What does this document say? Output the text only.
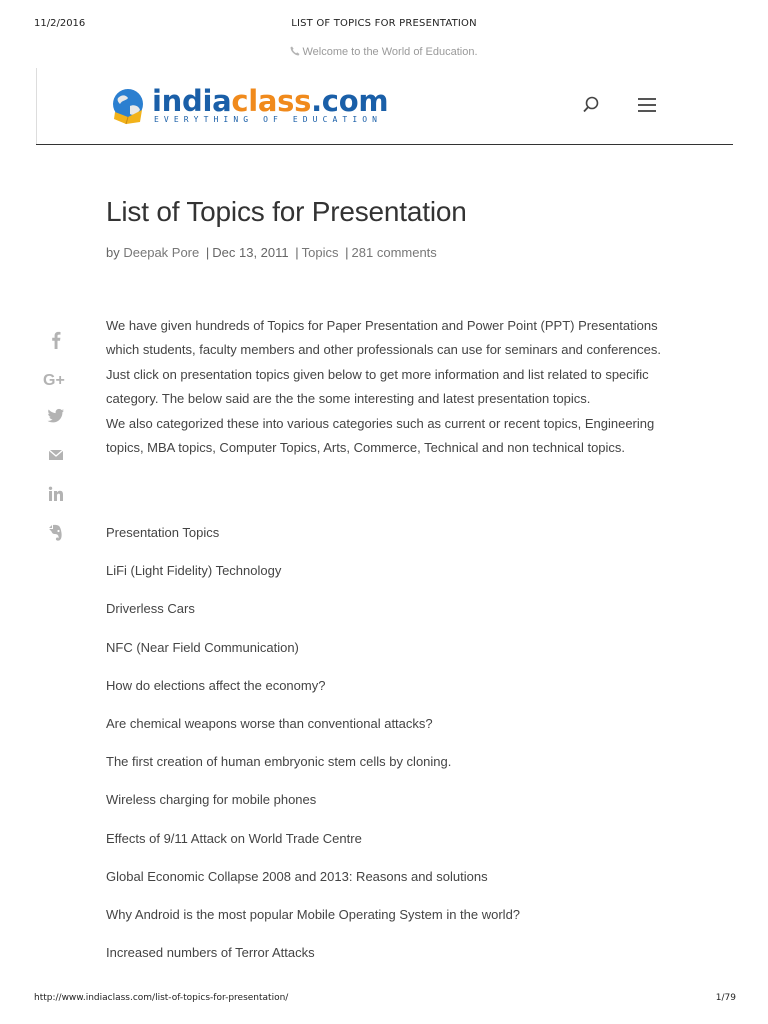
11/2/2016	LIST OF TOPICS FOR PRESENTATION
Welcome to the World of Education.
indiaclass.com
EVERYTHING OF EDUCATION
List of Topics for Presentation
by Deepak Pore | Dec 13, 2011 | Topics | 281 comments
G+

We have given hundreds of Topics for Paper Presentation and Power Point (PPT) Presentations which students, faculty members and other professionals can use for seminars and conferences. Just click on presentation topics given below to get more information and list related to specific category. The below said are the the some interesting and latest presentation topics.

We also categorized these into various categories such as current or recent topics, Engineering topics, MBA topics, Computer Topics, Arts, Commerce, Technical and non technical topics.

Presentation Topics
LiFi (Light Fidelity) Technology
Driverless Cars
NFC (Near Field Communication)
How do elections affect the economy?
Are chemical weapons worse than conventional attacks?
The first creation of human embryonic stem cells by cloning.
Wireless charging for mobile phones
Effects of 9/11 Attack on World Trade Centre
Global Economic Collapse 2008 and 2013: Reasons and solutions
Why Android is the most popular Mobile Operating System in the world?
Increased numbers of Terror Attacks
http://www.indiaclass.com/list-of-topics-for-presentation/	1/79
